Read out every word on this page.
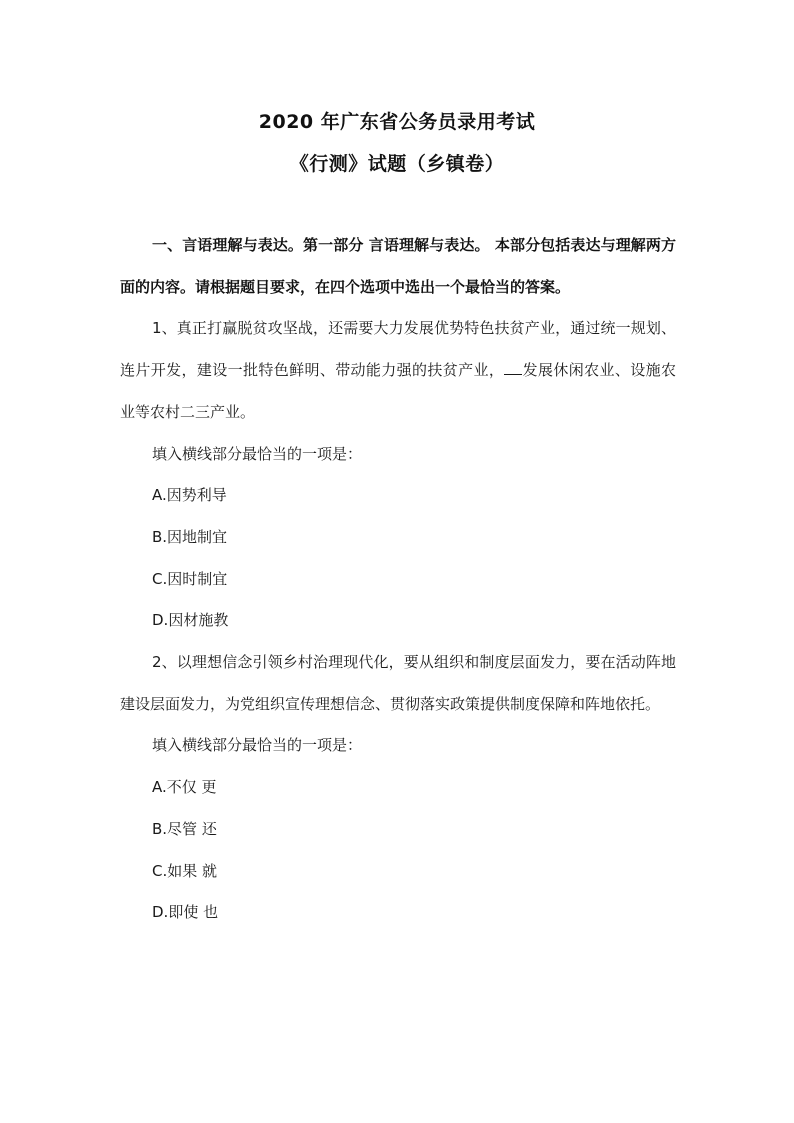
2020 年广东省公务员录用考试
《行测》试题（乡镇卷）

一、言语理解与表达。第一部分 言语理解与表达。 本部分包括表达与理解两方面的内容。请根据题目要求，在四个选项中选出一个最恰当的答案。

1、真正打赢脱贫攻坚战，还需要大力发展优势特色扶贫产业，通过统一规划、连片开发，建设一批特色鲜明、带动能力强的扶贫产业， 发展休闲农业、设施农业等农村二三产业。

填入横线部分最恰当的一项是：

A.因势利导

B.因地制宜

C.因时制宜

D.因材施教

2、以理想信念引领乡村治理现代化，要从组织和制度层面发力，要在活动阵地建设层面发力，为党组织宣传理想信念、贯彻落实政策提供制度保障和阵地依托。

填入横线部分最恰当的一项是：

A.不仅 更

B.尽管 还

C.如果 就

D.即使 也
